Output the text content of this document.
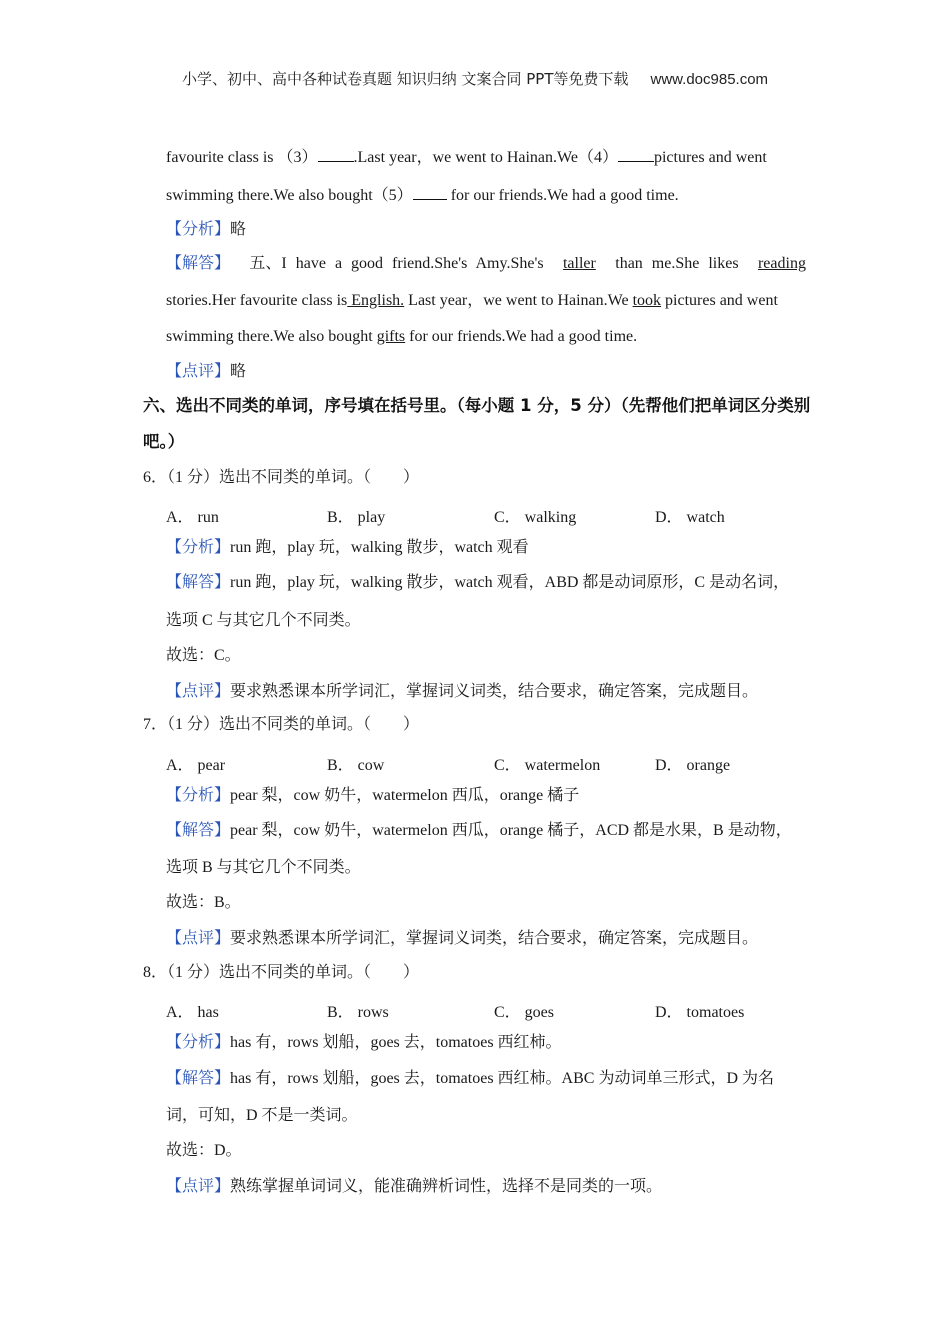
小学、初中、高中各种试卷真题 知识归纳 文案合同 PPT等免费下载 www.doc985.com
favourite class is （3） .Last year，we went to Hainan.We（4） pictures and went
swimming there.We also bought（5） for our friends.We had a good time.
【分析】略
【解答】 五、I have a good friend.She's Amy.She's taller than me.She likes reading
stories.Her favourite class is English. Last year，we went to Hainan.We took pictures and went
swimming there.We also bought gifts for our friends.We had a good time.
【点评】略
六、选出不同类的单词，序号填在括号里。（每小题 1 分，5 分）（先帮他们把单词区分类别吧。）
6．（1 分）选出不同类的单词。（　　）
A． run	B． play	C． walking	D． watch
【分析】run 跑，play 玩，walking 散步，watch 观看
【解答】run 跑，play 玩，walking 散步，watch 观看，ABD 都是动词原形，C 是动名词，
选项 C 与其它几个不同类。
故选：C。
【点评】要求熟悉课本所学词汇，掌握词义词类，结合要求，确定答案，完成题目。
7．（1 分）选出不同类的单词。（　　）
A． pear	B． cow	C． watermelon	D． orange
【分析】pear 梨，cow 奶牛，watermelon 西瓜，orange 橘子
【解答】pear 梨，cow 奶牛，watermelon 西瓜，orange 橘子，ACD 都是水果，B 是动物，
选项 B 与其它几个不同类。
故选：B。
【点评】要求熟悉课本所学词汇，掌握词义词类，结合要求，确定答案，完成题目。
8．（1 分）选出不同类的单词。（　　）
A． has	B． rows	C． goes	D． tomatoes
【分析】has 有，rows 划船，goes 去，tomatoes 西红柿。
【解答】has 有，rows 划船，goes 去，tomatoes 西红柿。ABC 为动词单三形式，D 为名
词，可知，D 不是一类词。
故选：D。
【点评】熟练掌握单词词义，能准确辨析词性，选择不是同类的一项。
